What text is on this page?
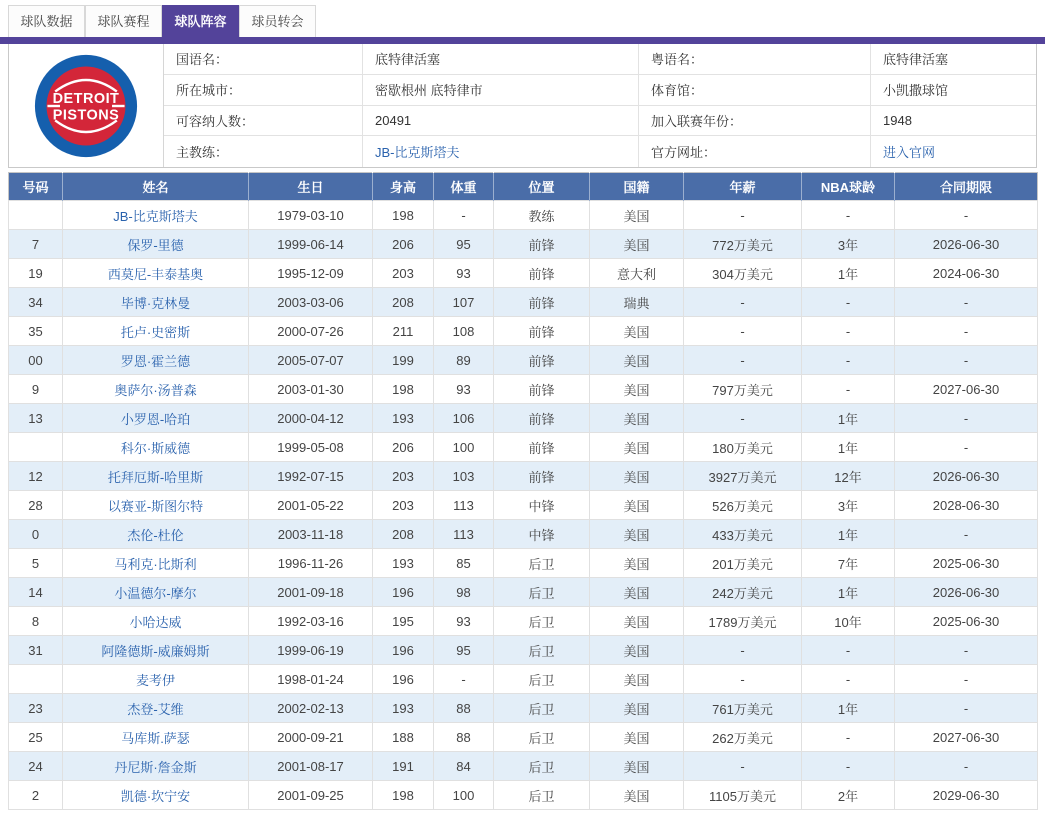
球队数据	球队赛程	球队阵容	球员转会
DETROIT
PISTONS
国语名：	底特律活塞	粤语名：	底特律活塞
所在城市：	密歇根州 底特律市	体育馆：	小凯撒球馆
可容纳人数：	20491	加入联赛年份：	1948
主教练：	JB-比克斯塔夫	官方网址：	进入官网
号码	姓名	生日	身高	体重	位置	国籍	年薪	NBA球龄	合同期限
	JB-比克斯塔夫	1979-03-10	198	-	教练	美国	-	-	-
7	保罗-里德	1999-06-14	206	95	前锋	美国	772万美元	3年	2026-06-30
19	西莫尼-丰泰基奥	1995-12-09	203	93	前锋	意大利	304万美元	1年	2024-06-30
34	毕博·克林曼	2003-03-06	208	107	前锋	瑞典	-	-	-
35	托卢·史密斯	2000-07-26	211	108	前锋	美国	-	-	-
00	罗恩·霍兰德	2005-07-07	199	89	前锋	美国	-	-	-
9	奥萨尔·汤普森	2003-01-30	198	93	前锋	美国	797万美元	-	2027-06-30
13	小罗恩-哈珀	2000-04-12	193	106	前锋	美国	-	1年	-
	科尔·斯威德	1999-05-08	206	100	前锋	美国	180万美元	1年	-
12	托拜厄斯-哈里斯	1992-07-15	203	103	前锋	美国	3927万美元	12年	2026-06-30
28	以赛亚-斯图尔特	2001-05-22	203	113	中锋	美国	526万美元	3年	2028-06-30
0	杰伦-杜伦	2003-11-18	208	113	中锋	美国	433万美元	1年	-
5	马利克·比斯利	1996-11-26	193	85	后卫	美国	201万美元	7年	2025-06-30
14	小温德尔-摩尔	2001-09-18	196	98	后卫	美国	242万美元	1年	2026-06-30
8	小哈达威	1992-03-16	195	93	后卫	美国	1789万美元	10年	2025-06-30
31	阿隆德斯-威廉姆斯	1999-06-19	196	95	后卫	美国	-	-	-
	麦考伊	1998-01-24	196	-	后卫	美国	-	-	-
23	杰登-艾维	2002-02-13	193	88	后卫	美国	761万美元	1年	-
25	马库斯.萨瑟	2000-09-21	188	88	后卫	美国	262万美元	-	2027-06-30
24	丹尼斯·詹金斯	2001-08-17	191	84	后卫	美国	-	-	-
2	凯德·坎宁安	2001-09-25	198	100	后卫	美国	1105万美元	2年	2029-06-30
